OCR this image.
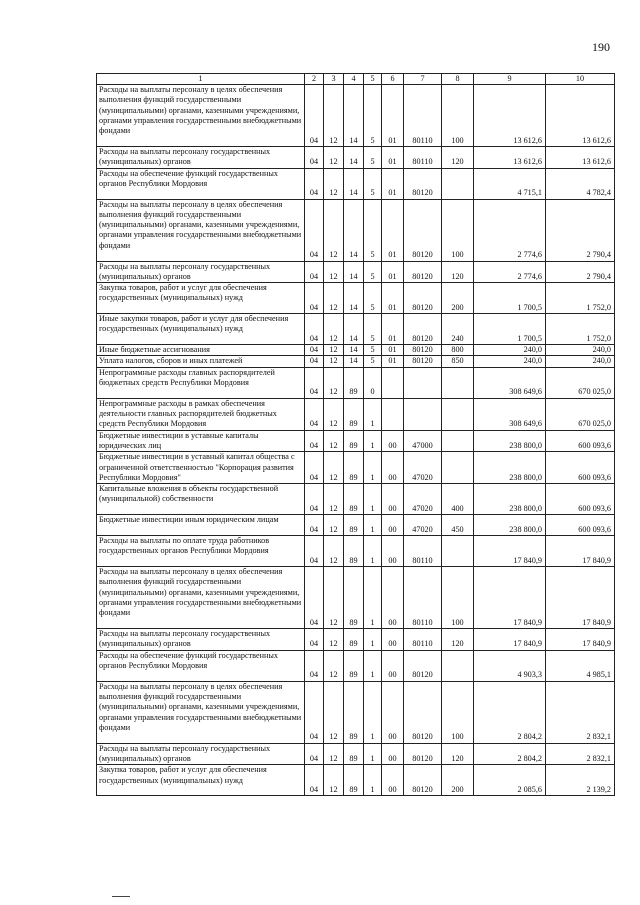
190
1	2	3	4	5	6	7	8	9	10
Расходы на выплаты персоналу в целях обеспечения выполнения функций государственными (муниципальными) органами, казенными учреждениями, органами управления государственными внебюджетными фондами	04	12	14	5	01	80110	100	13 612,6	13 612,6
Расходы на выплаты персоналу государственных (муниципальных) органов	04	12	14	5	01	80110	120	13 612,6	13 612,6
Расходы на обеспечение функций государственных органов Республики Мордовия	04	12	14	5	01	80120		4 715,1	4 782,4
Расходы на выплаты персоналу в целях обеспечения выполнения функций государственными (муниципальными) органами, казенными учреждениями, органами управления государственными внебюджетными фондами	04	12	14	5	01	80120	100	2 774,6	2 790,4
Расходы на выплаты персоналу государственных (муниципальных) органов	04	12	14	5	01	80120	120	2 774,6	2 790,4
Закупка товаров, работ и услуг для обеспечения государственных (муниципальных) нужд	04	12	14	5	01	80120	200	1 700,5	1 752,0
Иные закупки товаров, работ и услуг для обеспечения государственных (муниципальных) нужд	04	12	14	5	01	80120	240	1 700,5	1 752,0
Иные бюджетные ассигнования	04	12	14	5	01	80120	800	240,0	240,0
Уплата налогов, сборов и иных платежей	04	12	14	5	01	80120	850	240,0	240,0
Непрограммные расходы главных распорядителей бюджетных средств Республики Мордовия	04	12	89	0				308 649,6	670 025,0
Непрограммные расходы в рамках обеспечения деятельности главных распорядителей бюджетных средств Республики Мордовия	04	12	89	1				308 649,6	670 025,0
Бюджетные инвестиции в уставные капиталы юридических лиц	04	12	89	1	00	47000		238 800,0	600 093,6
Бюджетные инвестиции в уставный капитал общества с ограниченной ответственностью "Корпорация развития Республики Мордовия"	04	12	89	1	00	47020		238 800,0	600 093,6
Капитальные вложения в объекты государственной (муниципальной) собственности	04	12	89	1	00	47020	400	238 800,0	600 093,6
Бюджетные инвестиции иным юридическим лицам	04	12	89	1	00	47020	450	238 800,0	600 093,6
Расходы на выплаты по оплате труда работников государственных органов Республики Мордовия	04	12	89	1	00	80110		17 840,9	17 840,9
Расходы на выплаты персоналу в целях обеспечения выполнения функций государственными (муниципальными) органами, казенными учреждениями, органами управления государственными внебюджетными фондами	04	12	89	1	00	80110	100	17 840,9	17 840,9
Расходы на выплаты персоналу государственных (муниципальных) органов	04	12	89	1	00	80110	120	17 840,9	17 840,9
Расходы на обеспечение функций государственных органов Республики Мордовия	04	12	89	1	00	80120		4 903,3	4 985,1
Расходы на выплаты персоналу в целях обеспечения выполнения функций государственными (муниципальными) органами, казенными учреждениями, органами управления государственными внебюджетными фондами	04	12	89	1	00	80120	100	2 804,2	2 832,1
Расходы на выплаты персоналу государственных (муниципальных) органов	04	12	89	1	00	80120	120	2 804,2	2 832,1
Закупка товаров, работ и услуг для обеспечения государственных (муниципальных) нужд	04	12	89	1	00	80120	200	2 085,6	2 139,2
